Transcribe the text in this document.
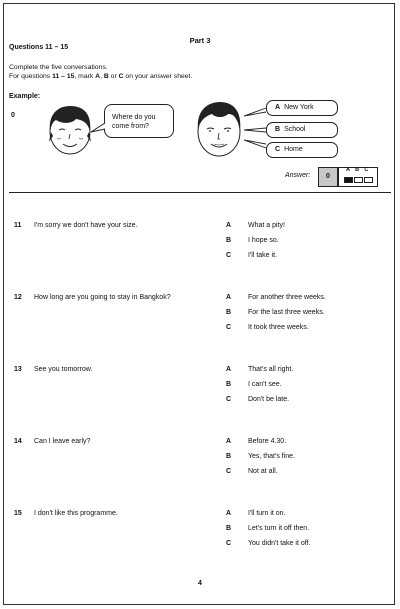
Part 3
Questions 11 – 15
Complete the five conversations.
For questions 11 – 15, mark A, B or C on your answer sheet.
Example:
0	Where do you
come from?
A New York
B School
C Home
Answer:	0
ABC
11 I'm sorry we don't have your size.	A What a pity!
B I hope so.
C I'll take it.
12 How long are you going to stay in Bangkok?	A For another three weeks.
B For the last three weeks.
C It took three weeks.
13 See you tomorrow.	A That's all right.
B I can't see.
C Don't be late.
14 Can I leave early?	A Before 4.30.
B Yes, that's fine.
C Not at all.
15 I don't like this programme.	A I'll turn it on.
B Let's turn it off then.
C You didn't take it off.
4
